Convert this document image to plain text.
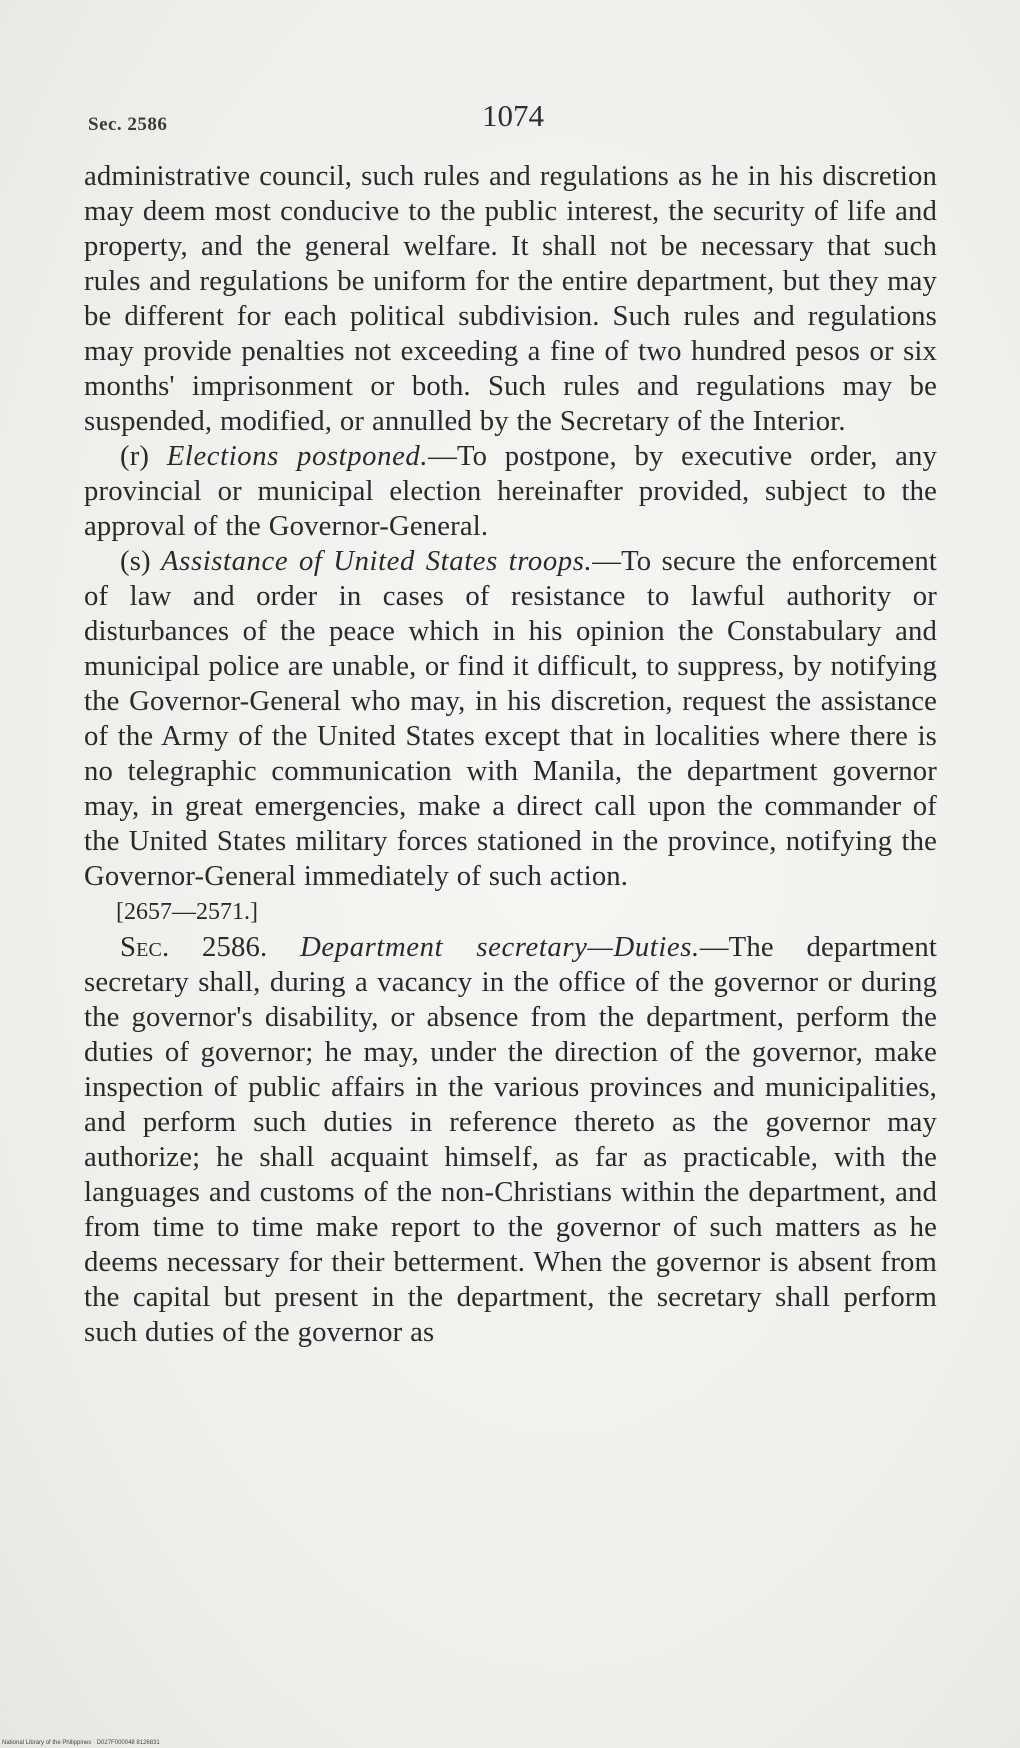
Sec. 2586	1074

administrative council, such rules and regulations as he in his discretion may deem most conducive to the public interest, the security of life and property, and the general welfare. It shall not be necessary that such rules and regulations be uniform for the entire department, but they may be different for each political subdivision. Such rules and regulations may provide penalties not exceeding a fine of two hundred pesos or six months' imprisonment or both. Such rules and regulations may be suspended, modified, or annulled by the Secretary of the Interior.

(r) Elections postponed.—To postpone, by executive order, any provincial or municipal election hereinafter provided, subject to the approval of the Governor-General.

(s) Assistance of United States troops.—To secure the enforcement of law and order in cases of resistance to lawful authority or disturbances of the peace which in his opinion the Constabulary and municipal police are unable, or find it difficult, to suppress, by notifying the Governor-General who may, in his discretion, request the assistance of the Army of the United States except that in localities where there is no telegraphic communication with Manila, the department governor may, in great emergencies, make a direct call upon the commander of the United States military forces stationed in the province, notifying the Governor-General immediately of such action.

[2657—2571.]

Sec. 2586. Department secretary—Duties.—The department secretary shall, during a vacancy in the office of the governor or during the governor's disability, or absence from the department, perform the duties of governor; he may, under the direction of the governor, make inspection of public affairs in the various provinces and municipalities, and perform such duties in reference thereto as the governor may authorize; he shall acquaint himself, as far as practicable, with the languages and customs of the non-Christians within the department, and from time to time make report to the governor of such matters as he deems necessary for their betterment. When the governor is absent from the capital but present in the department, the secretary shall perform such duties of the governor as

National Library of the Philippines · D027F000048 8126831
